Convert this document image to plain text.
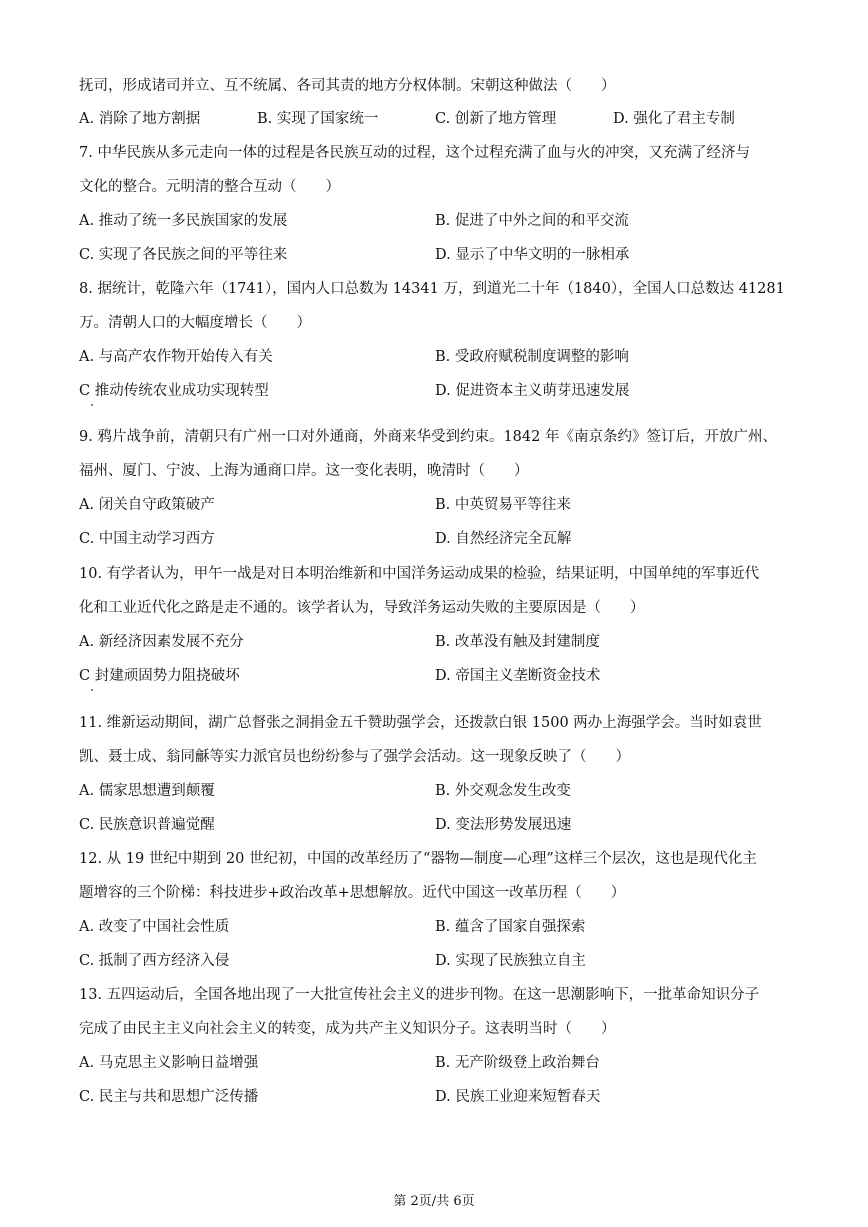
抚司，形成诸司并立、互不统属、各司其责的地方分权体制。宋朝这种做法（　　）
A. 消除了地方割据	B. 实现了国家统一	C. 创新了地方管理	D. 强化了君主专制
7. 中华民族从多元走向一体的过程是各民族互动的过程，这个过程充满了血与火的冲突，又充满了经济与
文化的整合。元明清的整合互动（　　）
A. 推动了统一多民族国家的发展	B. 促进了中外之间的和平交流
C. 实现了各民族之间的平等往来	D. 显示了中华文明的一脉相承
8. 据统计，乾隆六年（1741），国内人口总数为 14341 万，到道光二十年（1840），全国人口总数达 41281
万。清朝人口的大幅度增长（　　）
A. 与高产农作物开始传入有关	B. 受政府赋税制度调整的影响
C 推动传统农业成功实现转型	D. 促进资本主义萌芽迅速发展
9. 鸦片战争前，清朝只有广州一口对外通商，外商来华受到约束。1842 年《南京条约》签订后，开放广州、
福州、厦门、宁波、上海为通商口岸。这一变化表明，晚清时（　　）
A. 闭关自守政策破产	B. 中英贸易平等往来
C. 中国主动学习西方	D. 自然经济完全瓦解
10. 有学者认为，甲午一战是对日本明治维新和中国洋务运动成果的检验，结果证明，中国单纯的军事近代
化和工业近代化之路是走不通的。该学者认为，导致洋务运动失败的主要原因是（　　）
A. 新经济因素发展不充分	B. 改革没有触及封建制度
C 封建顽固势力阻挠破坏	D. 帝国主义垄断资金技术
11. 维新运动期间，湖广总督张之洞捐金五千赞助强学会，还拨款白银 1500 两办上海强学会。当时如袁世
凯、聂士成、翁同龢等实力派官员也纷纷参与了强学会活动。这一现象反映了（　　）
A. 儒家思想遭到颠覆	B. 外交观念发生改变
C. 民族意识普遍觉醒	D. 变法形势发展迅速
12. 从 19 世纪中期到 20 世纪初，中国的改革经历了“器物—制度—心理”这样三个层次，这也是现代化主
题增容的三个阶梯：科技进步+政治改革+思想解放。近代中国这一改革历程（　　）
A. 改变了中国社会性质	B. 蕴含了国家自强探索
C. 抵制了西方经济入侵	D. 实现了民族独立自主
13. 五四运动后，全国各地出现了一大批宣传社会主义的进步刊物。在这一思潮影响下，一批革命知识分子
完成了由民主主义向社会主义的转变，成为共产主义知识分子。这表明当时（　　）
A. 马克思主义影响日益增强	B. 无产阶级登上政治舞台
C. 民主与共和思想广泛传播	D. 民族工业迎来短暂春天
第 2页/共 6页
